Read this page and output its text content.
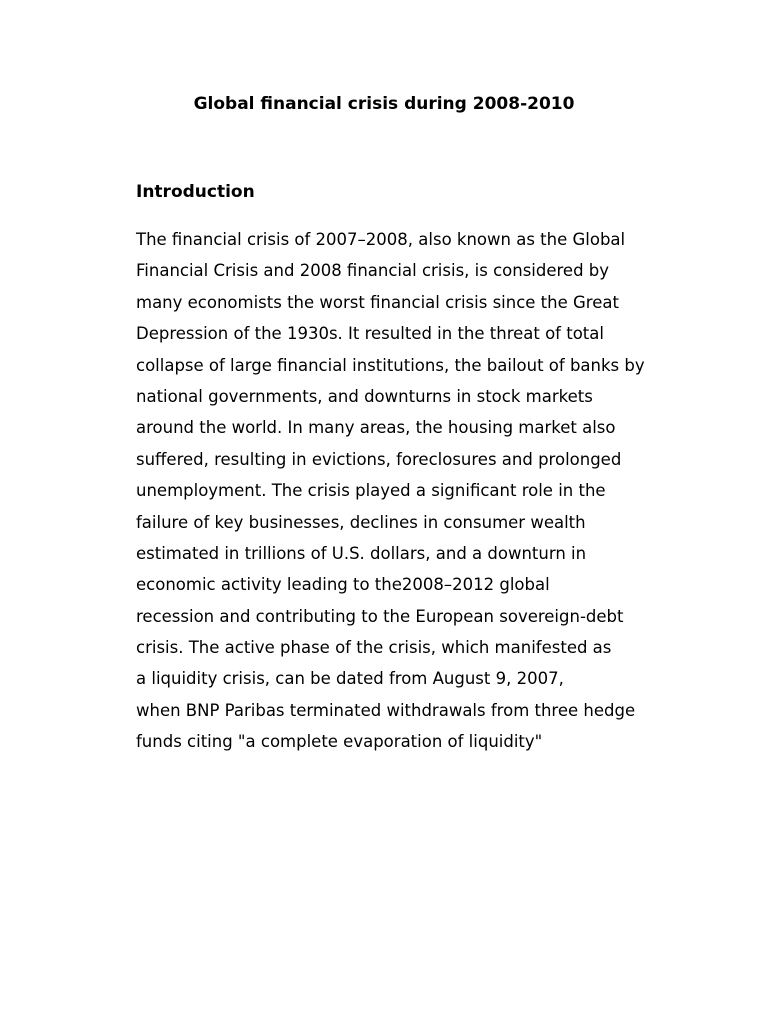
Global financial crisis during 2008-2010
Introduction
The financial crisis of 2007–2008, also known as the Global
Financial Crisis and 2008 financial crisis, is considered by
many economists the worst financial crisis since the Great
Depression of the 1930s. It resulted in the threat of total
collapse of large financial institutions, the bailout of banks by
national governments, and downturns in stock markets
around the world. In many areas, the housing market also
suffered, resulting in evictions, foreclosures and prolonged
unemployment. The crisis played a significant role in the
failure of key businesses, declines in consumer wealth
estimated in trillions of U.S. dollars, and a downturn in
economic activity leading to the2008–2012 global
recession and contributing to the European sovereign-debt
crisis. The active phase of the crisis, which manifested as
a liquidity crisis, can be dated from August 9, 2007,
when BNP Paribas terminated withdrawals from three hedge
funds citing "a complete evaporation of liquidity"
